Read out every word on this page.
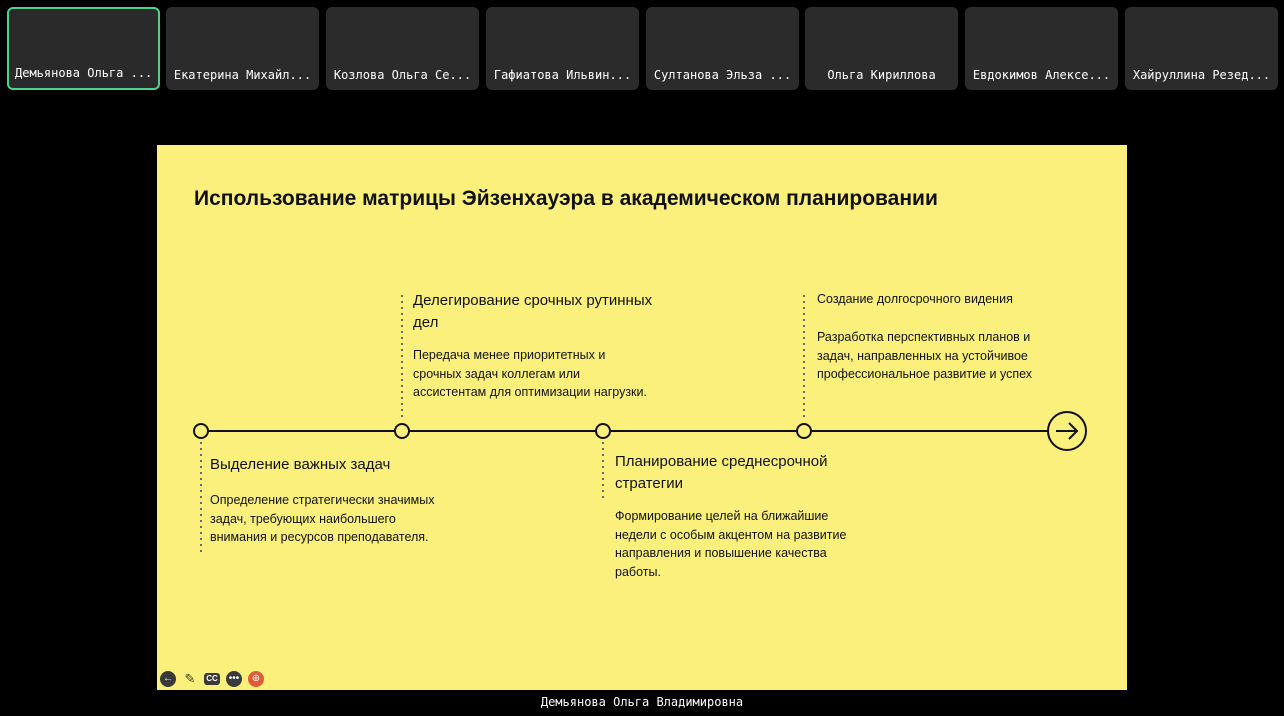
Демьянова Ольга ...	Екатерина Михайл...	Козлова Ольга Се...	Гафиатова Ильвин...	Султанова Эльза ...	Ольга Кириллова	Евдокимов Алексе...	Хайруллина Резед...
Использование матрицы Эйзенхауэра в академическом планировании
Выделение важных задач
Определение стратегически значимых
задач, требующих наибольшего
внимания и ресурсов преподавателя.
Делегирование срочных рутинных
дел
Передача менее приоритетных и
срочных задач коллегам или
ассистентам для оптимизации нагрузки.
Планирование среднесрочной
стратегии
Формирование целей на ближайшие
недели с особым акцентом на развитие
направления и повышение качества
работы.
Создание долгосрочного видения
Разработка перспективных планов и
задач, направленных на устойчивое
профессиональное развитие и успех
← ✎	CC •••	⊕
Демьянова Ольга Владимировна
